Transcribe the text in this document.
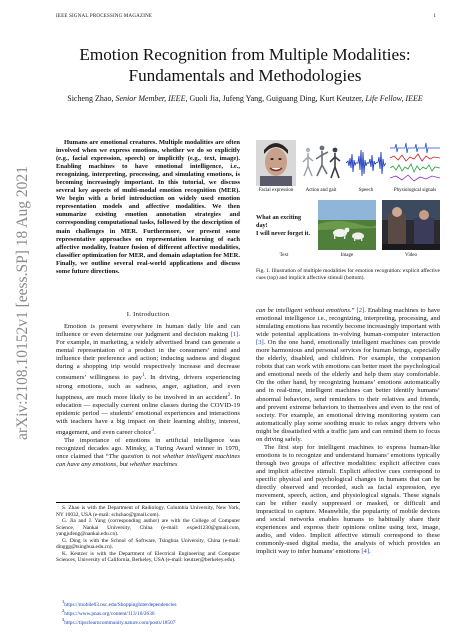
IEEE SIGNAL PROCESSING MAGAZINE	1
arXiv:2108.10152v1 [eess.SP] 18 Aug 2021
Emotion Recognition from Multiple Modalities:
Fundamentals and Methodologies
Sicheng Zhao, Senior Member, IEEE, Guoli Jia, Jufeng Yang, Guiguang Ding, Kurt Keutzer, Life Fellow, IEEE

Humans are emotional creatures. Multiple modalities are often involved when we express emotions, whether we do so explicitly (e.g., facial expression, speech) or implicitly (e.g., text, image). Enabling machines to have emotional intelligence, i.e., recognizing, interpreting, processing, and simulating emotions, is becoming increasingly important. In this tutorial, we discuss several key aspects of multi-modal emotion recognition (MER). We begin with a brief introduction on widely used emotion representation models and affective modalities. We then summarize existing emotion annotation strategies and corresponding computational tasks, followed by the description of main challenges in MER. Furthermore, we present some representative approaches on representation learning of each affective modality, feature fusion of different affective modalities, classifier optimization for MER, and domain adaptation for MER. Finally, we outline several real-world applications and discuss some future directions.

I. Introduction

Emotion is present everywhere in human daily life and can influence or even determine our judgment and decision making [1]. For example, in marketing, a widely advertised brand can generate a mental representation of a product in the consumers’ mind and influence their preference and action; inducing sadness and disgust during a shopping trip would respectively increase and decrease consumers’ willingness to pay$^1$. In driving, drivers experiencing strong emotions, such as sadness, anger, agitation, and even happiness, are much more likely to be involved in an accident$^2$. In education — especially current online classes during the COVID-19 epidemic period — students’ emotional experiences and interactions with teachers have a big impact on their learning ability, interest, engagement, and even career choice$^3$.

The importance of emotions in artificial intelligence was recognized decades ago. Minsky, a Turing Award winner in 1970, once claimed that “The question is not whether intelligent machines can have any emotions, but whether machines

S. Zhao is with the Department of Radiology, Columbia University, New York, NY 10032, USA (e-mail: schzhao@gmail.com).

G. Jia and J. Yang (corresponding author) are with the College of Computer Science, Nankai University, China (e-mail: exped1230@gmail.com, yangjufeng@nankai.edu.cn).

G. Ding is with the School of Software, Tsinghua University, China (e-mail: dinggg@tsinghua.edu.cn).

K. Keutzer is with the Department of Electrical Engineering and Computer Sciences, University of California, Berkeley, USA (e-mail: keutzer@berkeley.edu).

$^1$https://mobile03.nsc.edu/ShoppingInterdependencies

$^2$https://www.pnas.org/content/113/10/2636

$^3$https://tipsclearncommunity.nature.com/posts/18507

Facial expression	Action and gait	Speech	Physiological signals
What an exciting day!
I will never forget it.
Text	Image	Video
Fig. 1. Illustration of multiple modalities for emotion recognition: explicit affective cues (top) and implicit affective stimuli (bottom).

can be intelligent without emotions.” [2]. Enabling machines to have emotional intelligence i.e., recognizing, interpreting, processing, and simulating emotions has recently become increasingly important with wide potential applications in-volving human-computer interaction [3]. On the one hand, emotionally intelligent machines can provide more harmonious and personal services for human beings, especially the elderly, disabled, and children. For example, the companion robots that can work with emotions can better meet the psychological and emotional needs of the elderly and help them stay comfortable. On the other hand, by recognizing humans’ emotions automatically and in real-time, intelligent machines can better identify humans’ abnormal behaviors, send reminders to their relatives and friends, and prevent extreme behaviors to themselves and even to the rest of society. For example, an emotional driving monitoring system can automatically play some soothing music to relax angry drivers who might be dissatisfied with a traffic jam and can remind them to focus on driving safely.

The first step for intelligent machines to express human-like emotions is to recognize and understand humans’ emotions typically through two groups of affective modalities: explicit affective cues and implicit affective stimuli. Explicit affective cues correspond to specific physical and psychological changes in humans that can be directly observed and recorded, such as facial expression, eye movement, speech, action, and physiological signals. These signals can be either easily suppressed or masked, or difficult and impractical to capture. Meanwhile, the popularity of mobile devices and social networks enables humans to habitually share their experiences and express their opinions online using text, image, audio, and video. Implicit affective stimuli correspond to these commonly-used digital media, the analysis of which provides an implicit way to infer humans’ emotions [4].
